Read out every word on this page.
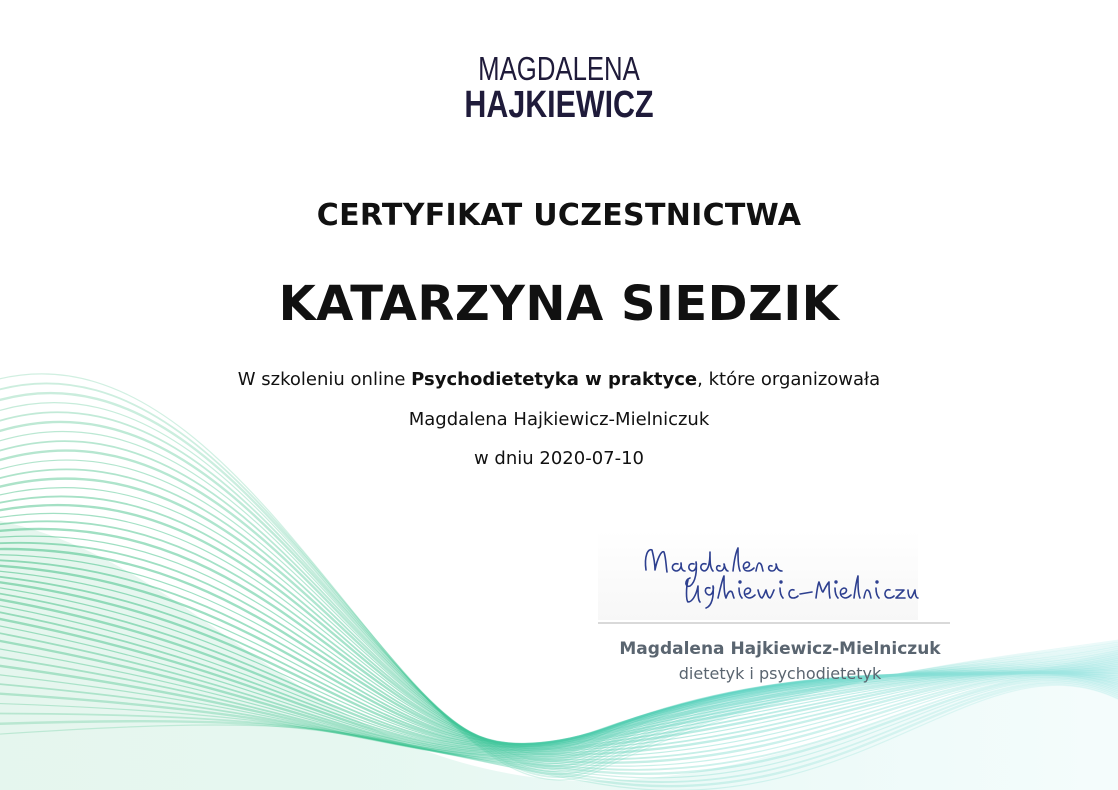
MAGDALENA
HAJKIEWICZ
CERTYFIKAT UCZESTNICTWA
KATARZYNA SIEDZIK
W szkoleniu online Psychodietetyka w praktyce, które organizowała
Magdalena Hajkiewicz-Mielniczuk
w dniu 2020-07-10
Magdalena Hajkiewicz-Mielniczuk
dietetyk i psychodietetyk
